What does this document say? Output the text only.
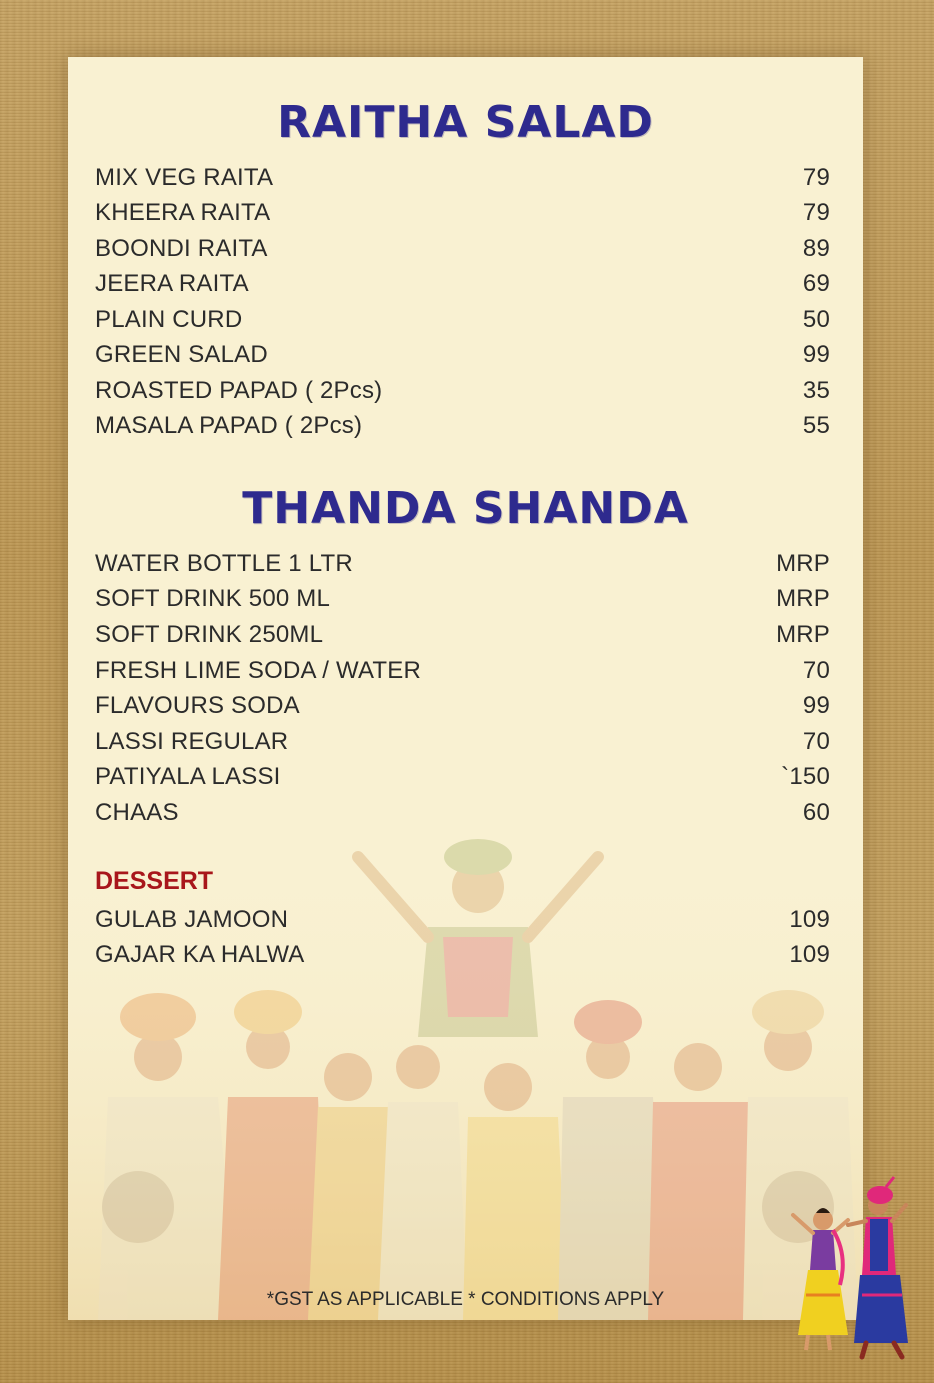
RAITHA SALAD
MIX VEG RAITA	79
KHEERA RAITA	79
BOONDI RAITA	89
JEERA RAITA	69
PLAIN CURD	50
GREEN SALAD	99
ROASTED PAPAD ( 2Pcs)	35
MASALA PAPAD ( 2Pcs)	55
THANDA SHANDA
WATER BOTTLE 1 LTR	MRP
SOFT DRINK 500 ML	MRP
SOFT DRINK 250ML	MRP
FRESH LIME SODA / WATER	70
FLAVOURS SODA	99
LASSI REGULAR	70
PATIYALA LASSI	`150
CHAAS	60
DESSERT
GULAB JAMOON	109
GAJAR KA HALWA	109
*GST AS APPLICABLE * CONDITIONS APPLY
